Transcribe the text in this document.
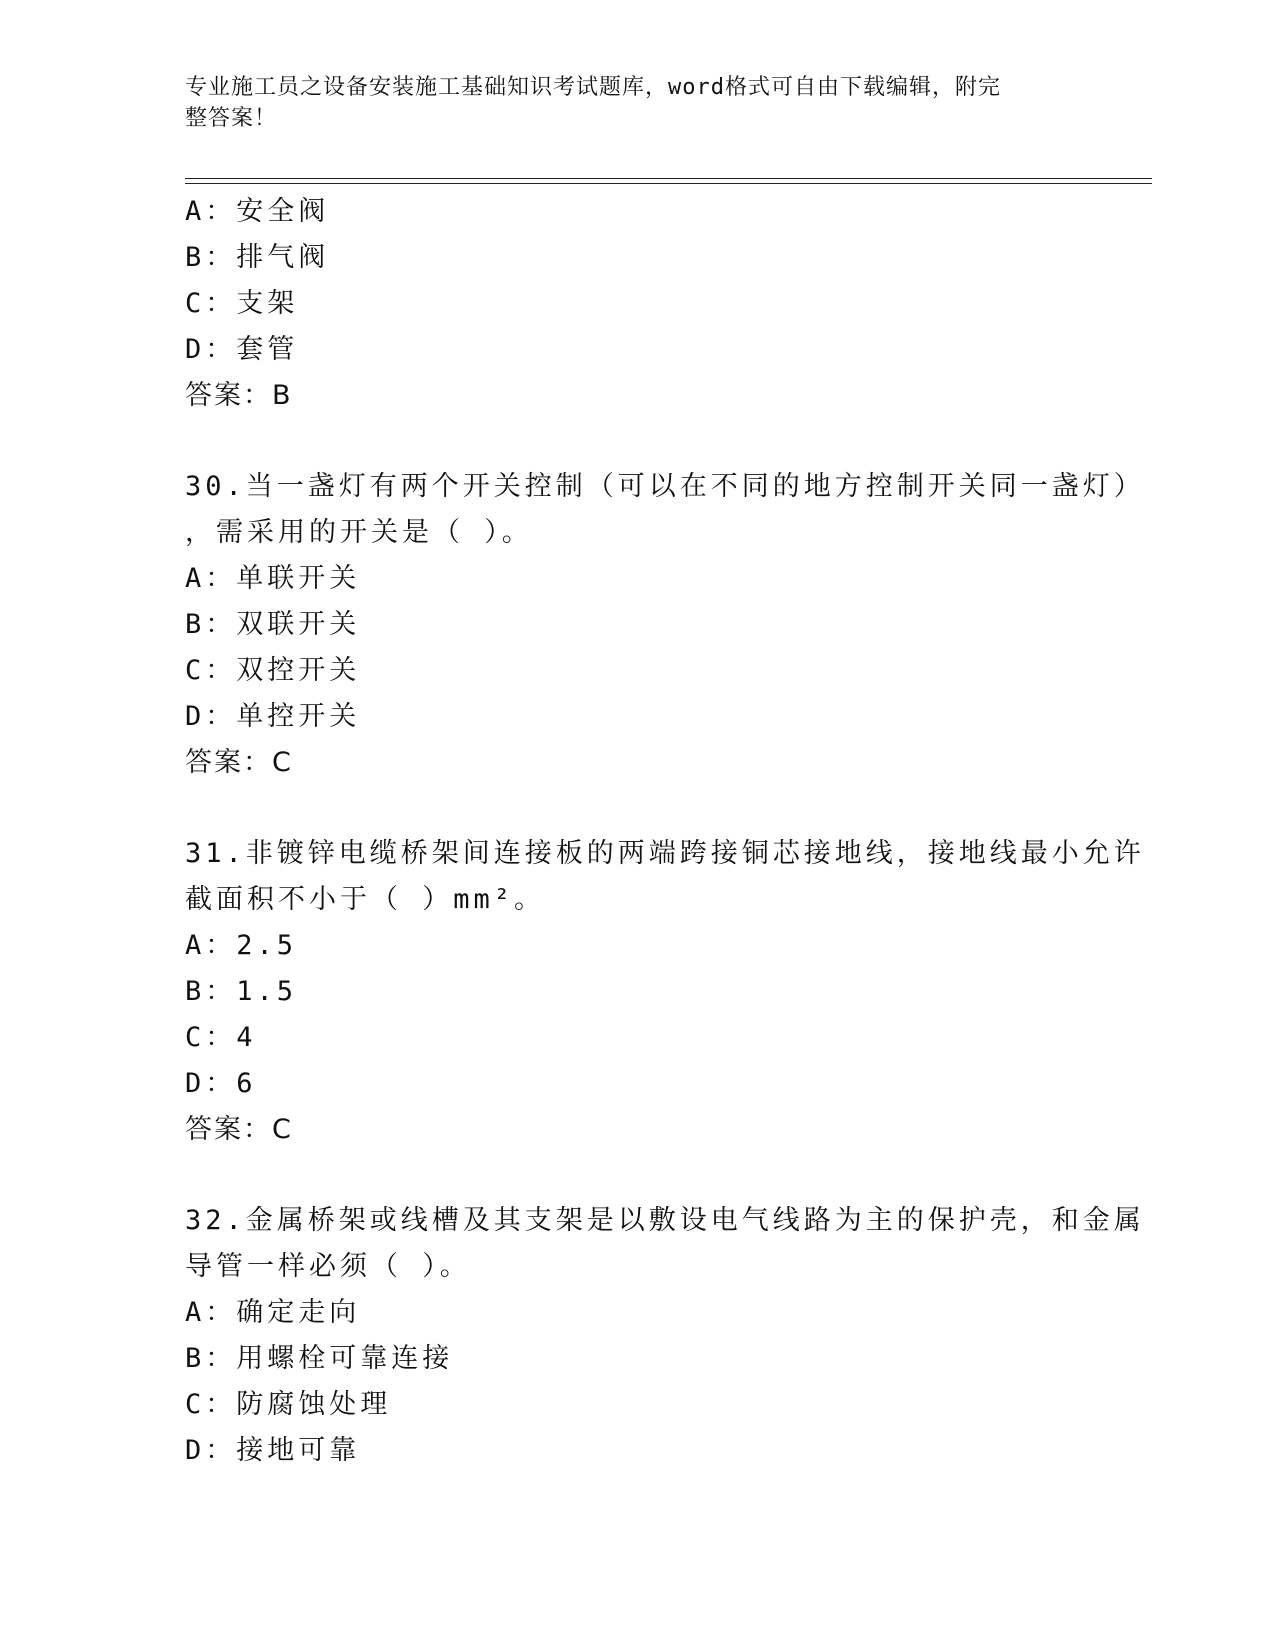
专业施工员之设备安装施工基础知识考试题库，word格式可自由下载编辑，附完
整答案！
A：安全阀
B：排气阀
C：支架
D：套管
答案：B
30.当一盏灯有两个开关控制（可以在不同的地方控制开关同一盏灯）
，需采用的开关是（ ）。
A：单联开关
B：双联开关
C：双控开关
D：单控开关
答案：C
31.非镀锌电缆桥架间连接板的两端跨接铜芯接地线，接地线最小允许
截面积不小于（ ）mm²。
A：2.5
B：1.5
C：4
D：6
答案：C
32.金属桥架或线槽及其支架是以敷设电气线路为主的保护壳，和金属
导管一样必须（ ）。
A：确定走向
B：用螺栓可靠连接
C：防腐蚀处理
D：接地可靠
